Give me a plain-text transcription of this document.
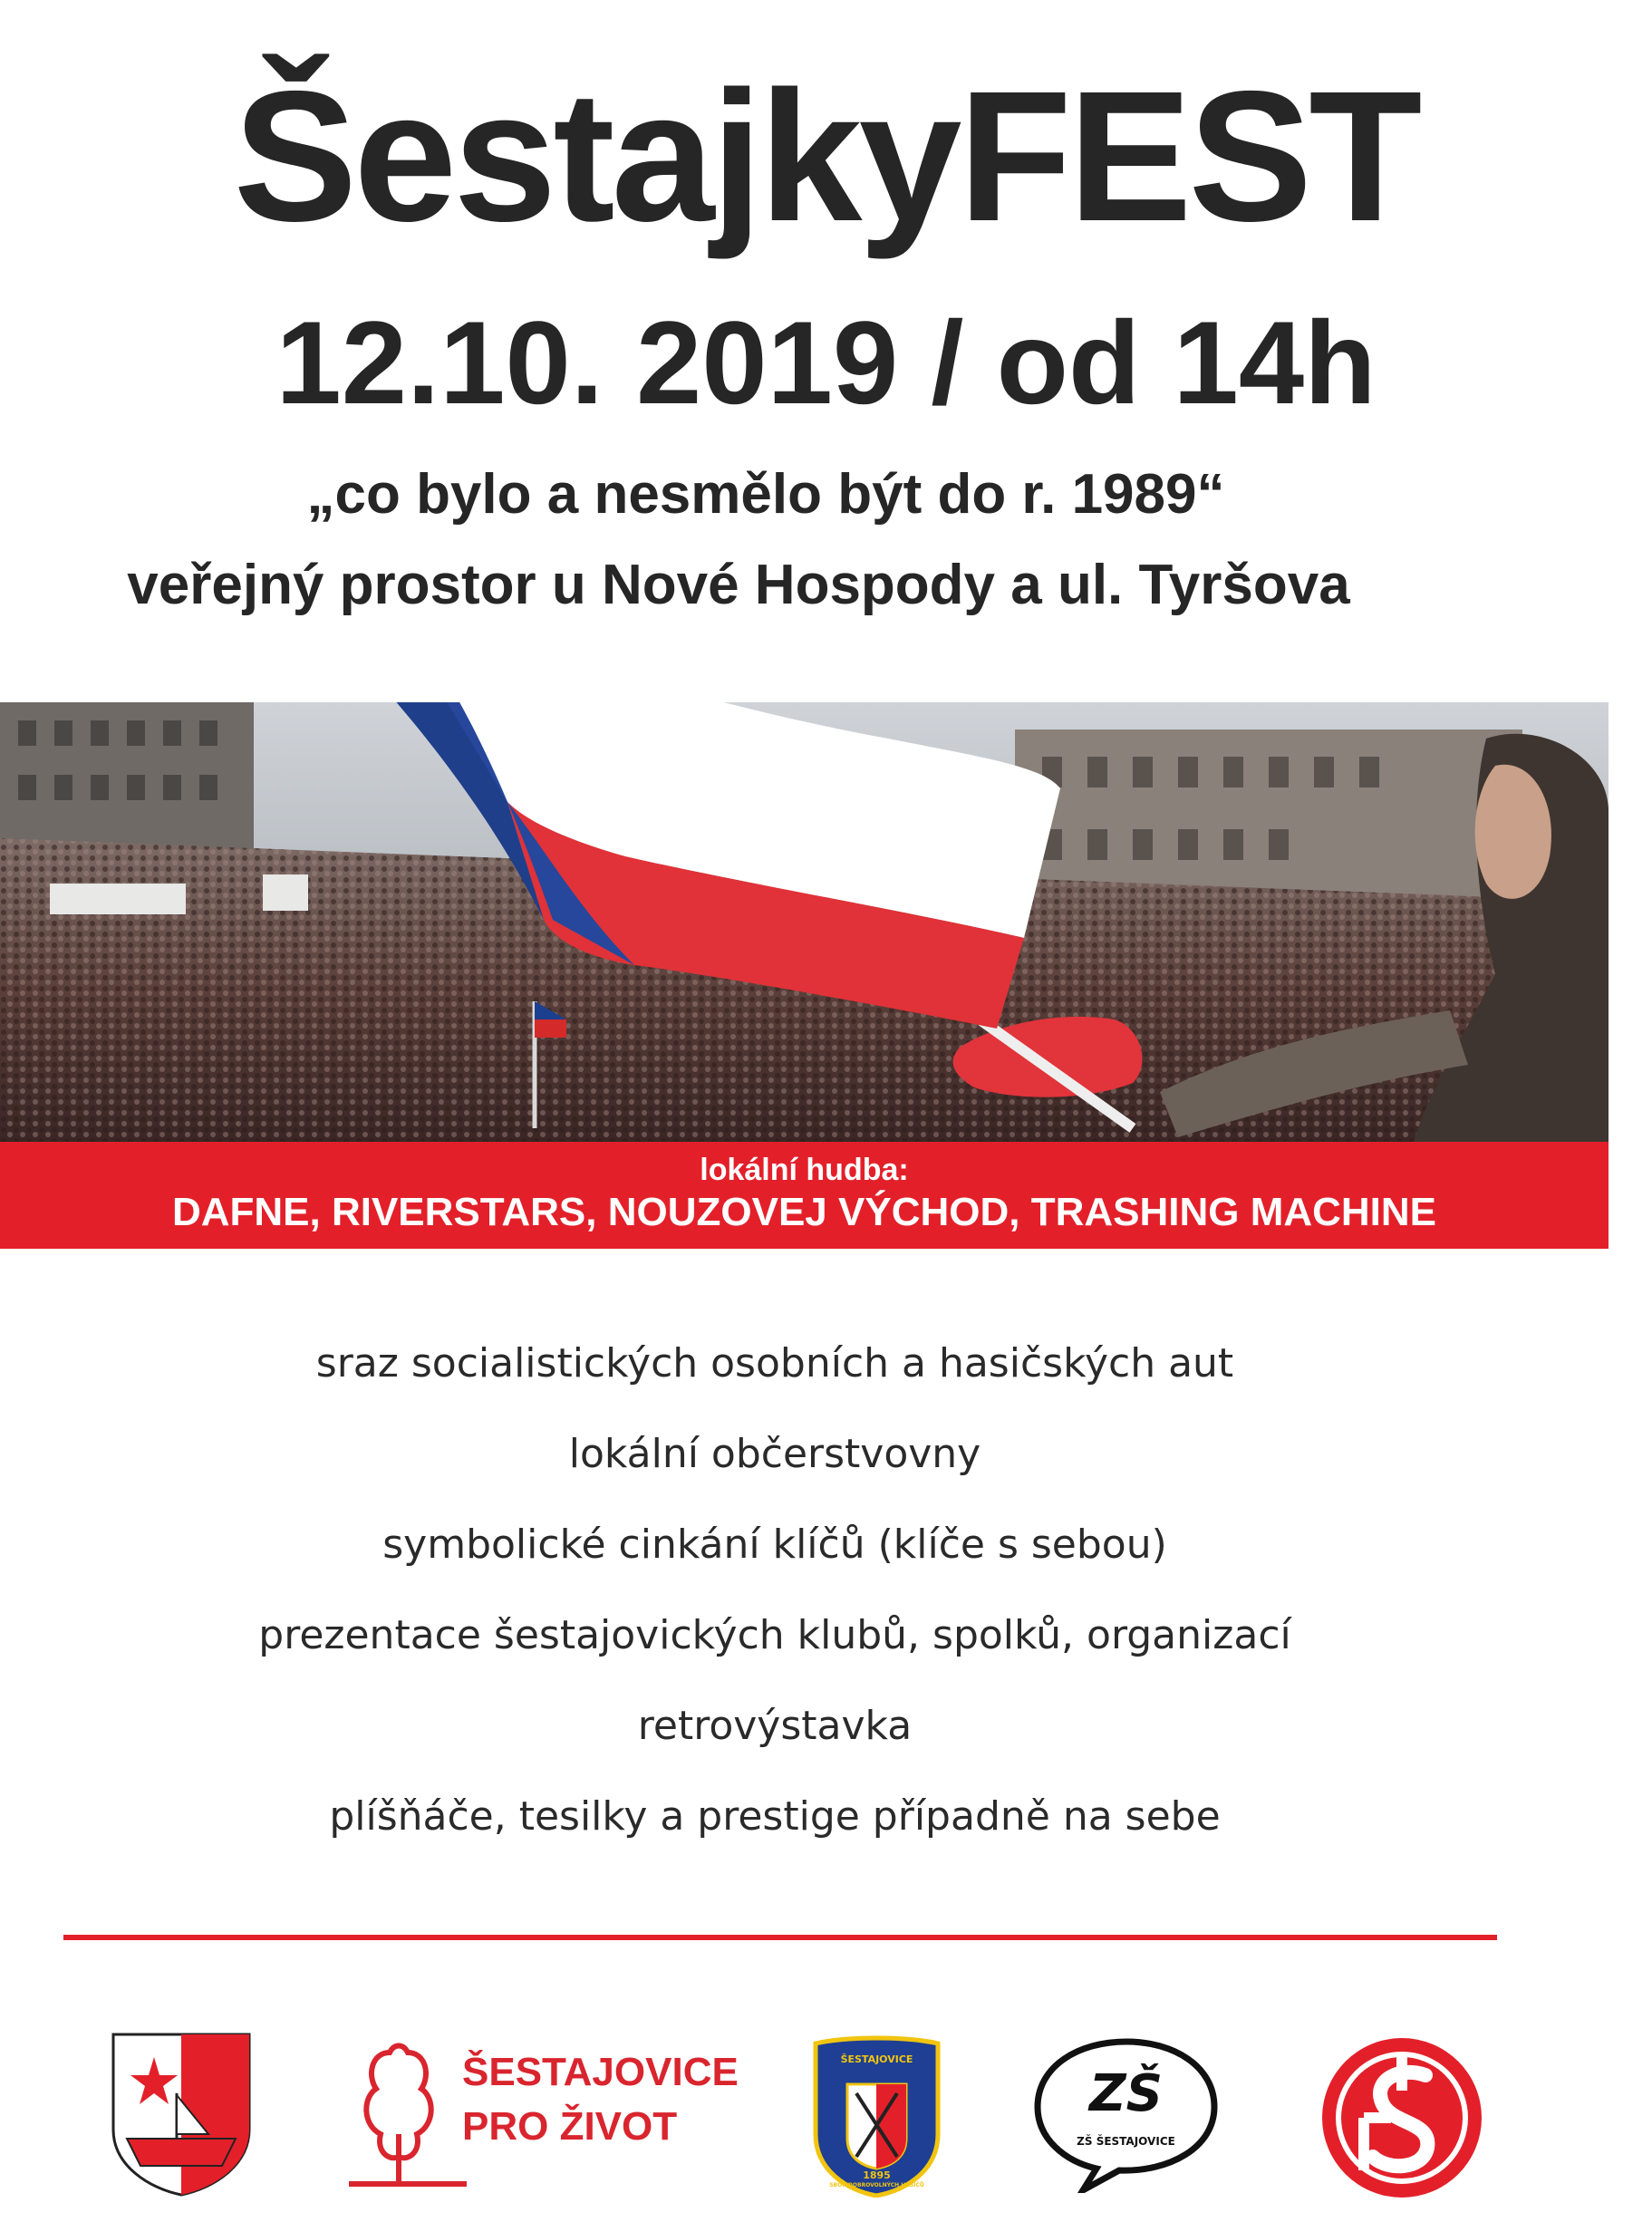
ŠestajkyFEST
12.10. 2019 / od 14h
„co bylo a nesmělo být do r. 1989“
veřejný prostor u Nové Hospody a ul. Tyršova
lokální hudba:
DAFNE, RIVERSTARS, NOUZOVEJ VÝCHOD, TRASHING MACHINE
sraz socialistických osobních a hasičských aut
lokální občerstvovny
symbolické cinkání klíčů (klíče s sebou)
prezentace šestajovických klubů, spolků, organizací
retrovýstavka
plíšňáče, tesilky a prestige případně na sebe
ŠESTAJOVICE
PRO ŽIVOT
ŠESTAJOVICE
1895
SBOR DOBROVOLNÝCH HASIČŮ
ZŠ
ZŠ ŠESTAJOVICE
